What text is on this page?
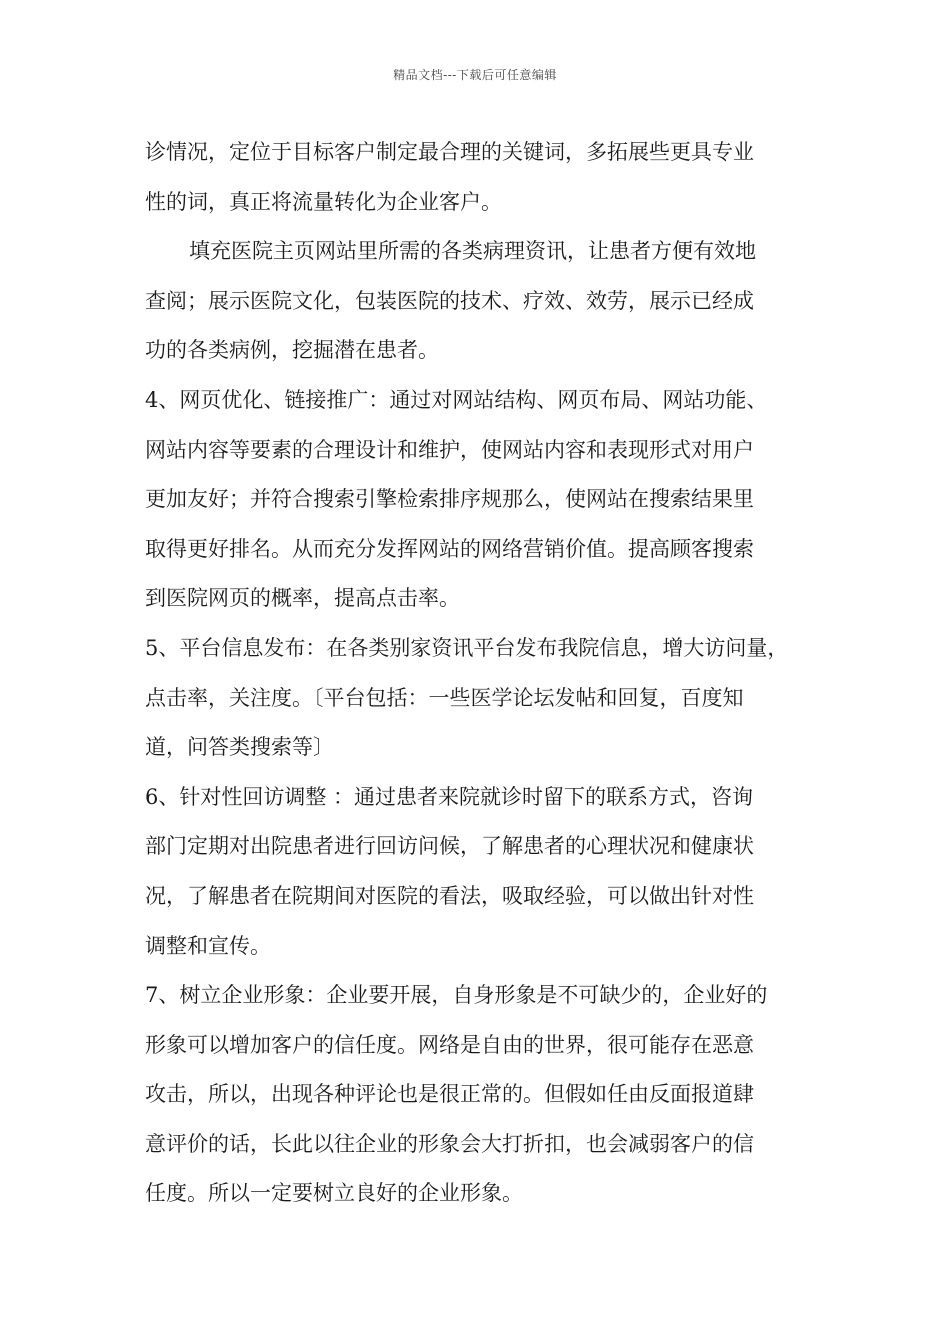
精品文档---下载后可任意编辑
诊情况，定位于目标客户制定最合理的关键词，多拓展些更具专业
性的词，真正将流量转化为企业客户。
填充医院主页网站里所需的各类病理资讯，让患者方便有效地
查阅；展示医院文化，包装医院的技术、疗效、效劳，展示已经成
功的各类病例，挖掘潜在患者。
4、网页优化、链接推广：通过对网站结构、网页布局、网站功能、
网站内容等要素的合理设计和维护，使网站内容和表现形式对用户
更加友好；并符合搜索引擎检索排序规那么，使网站在搜索结果里
取得更好排名。从而充分发挥网站的网络营销价值。提高顾客搜索
到医院网页的概率，提高点击率。
5、平台信息发布：在各类别家资讯平台发布我院信息，增大访问量，
点击率，关注度。〔平台包括：一些医学论坛发帖和回复，百度知
道，问答类搜索等〕
6、针对性回访调整 ：通过患者来院就诊时留下的联系方式，咨询
部门定期对出院患者进行回访问候，了解患者的心理状况和健康状
况，了解患者在院期间对医院的看法，吸取经验，可以做出针对性
调整和宣传。
7、树立企业形象：企业要开展，自身形象是不可缺少的，企业好的
形象可以增加客户的信任度。网络是自由的世界，很可能存在恶意
攻击，所以，出现各种评论也是很正常的。但假如任由反面报道肆
意评价的话，长此以往企业的形象会大打折扣，也会减弱客户的信
任度。所以一定要树立良好的企业形象。
